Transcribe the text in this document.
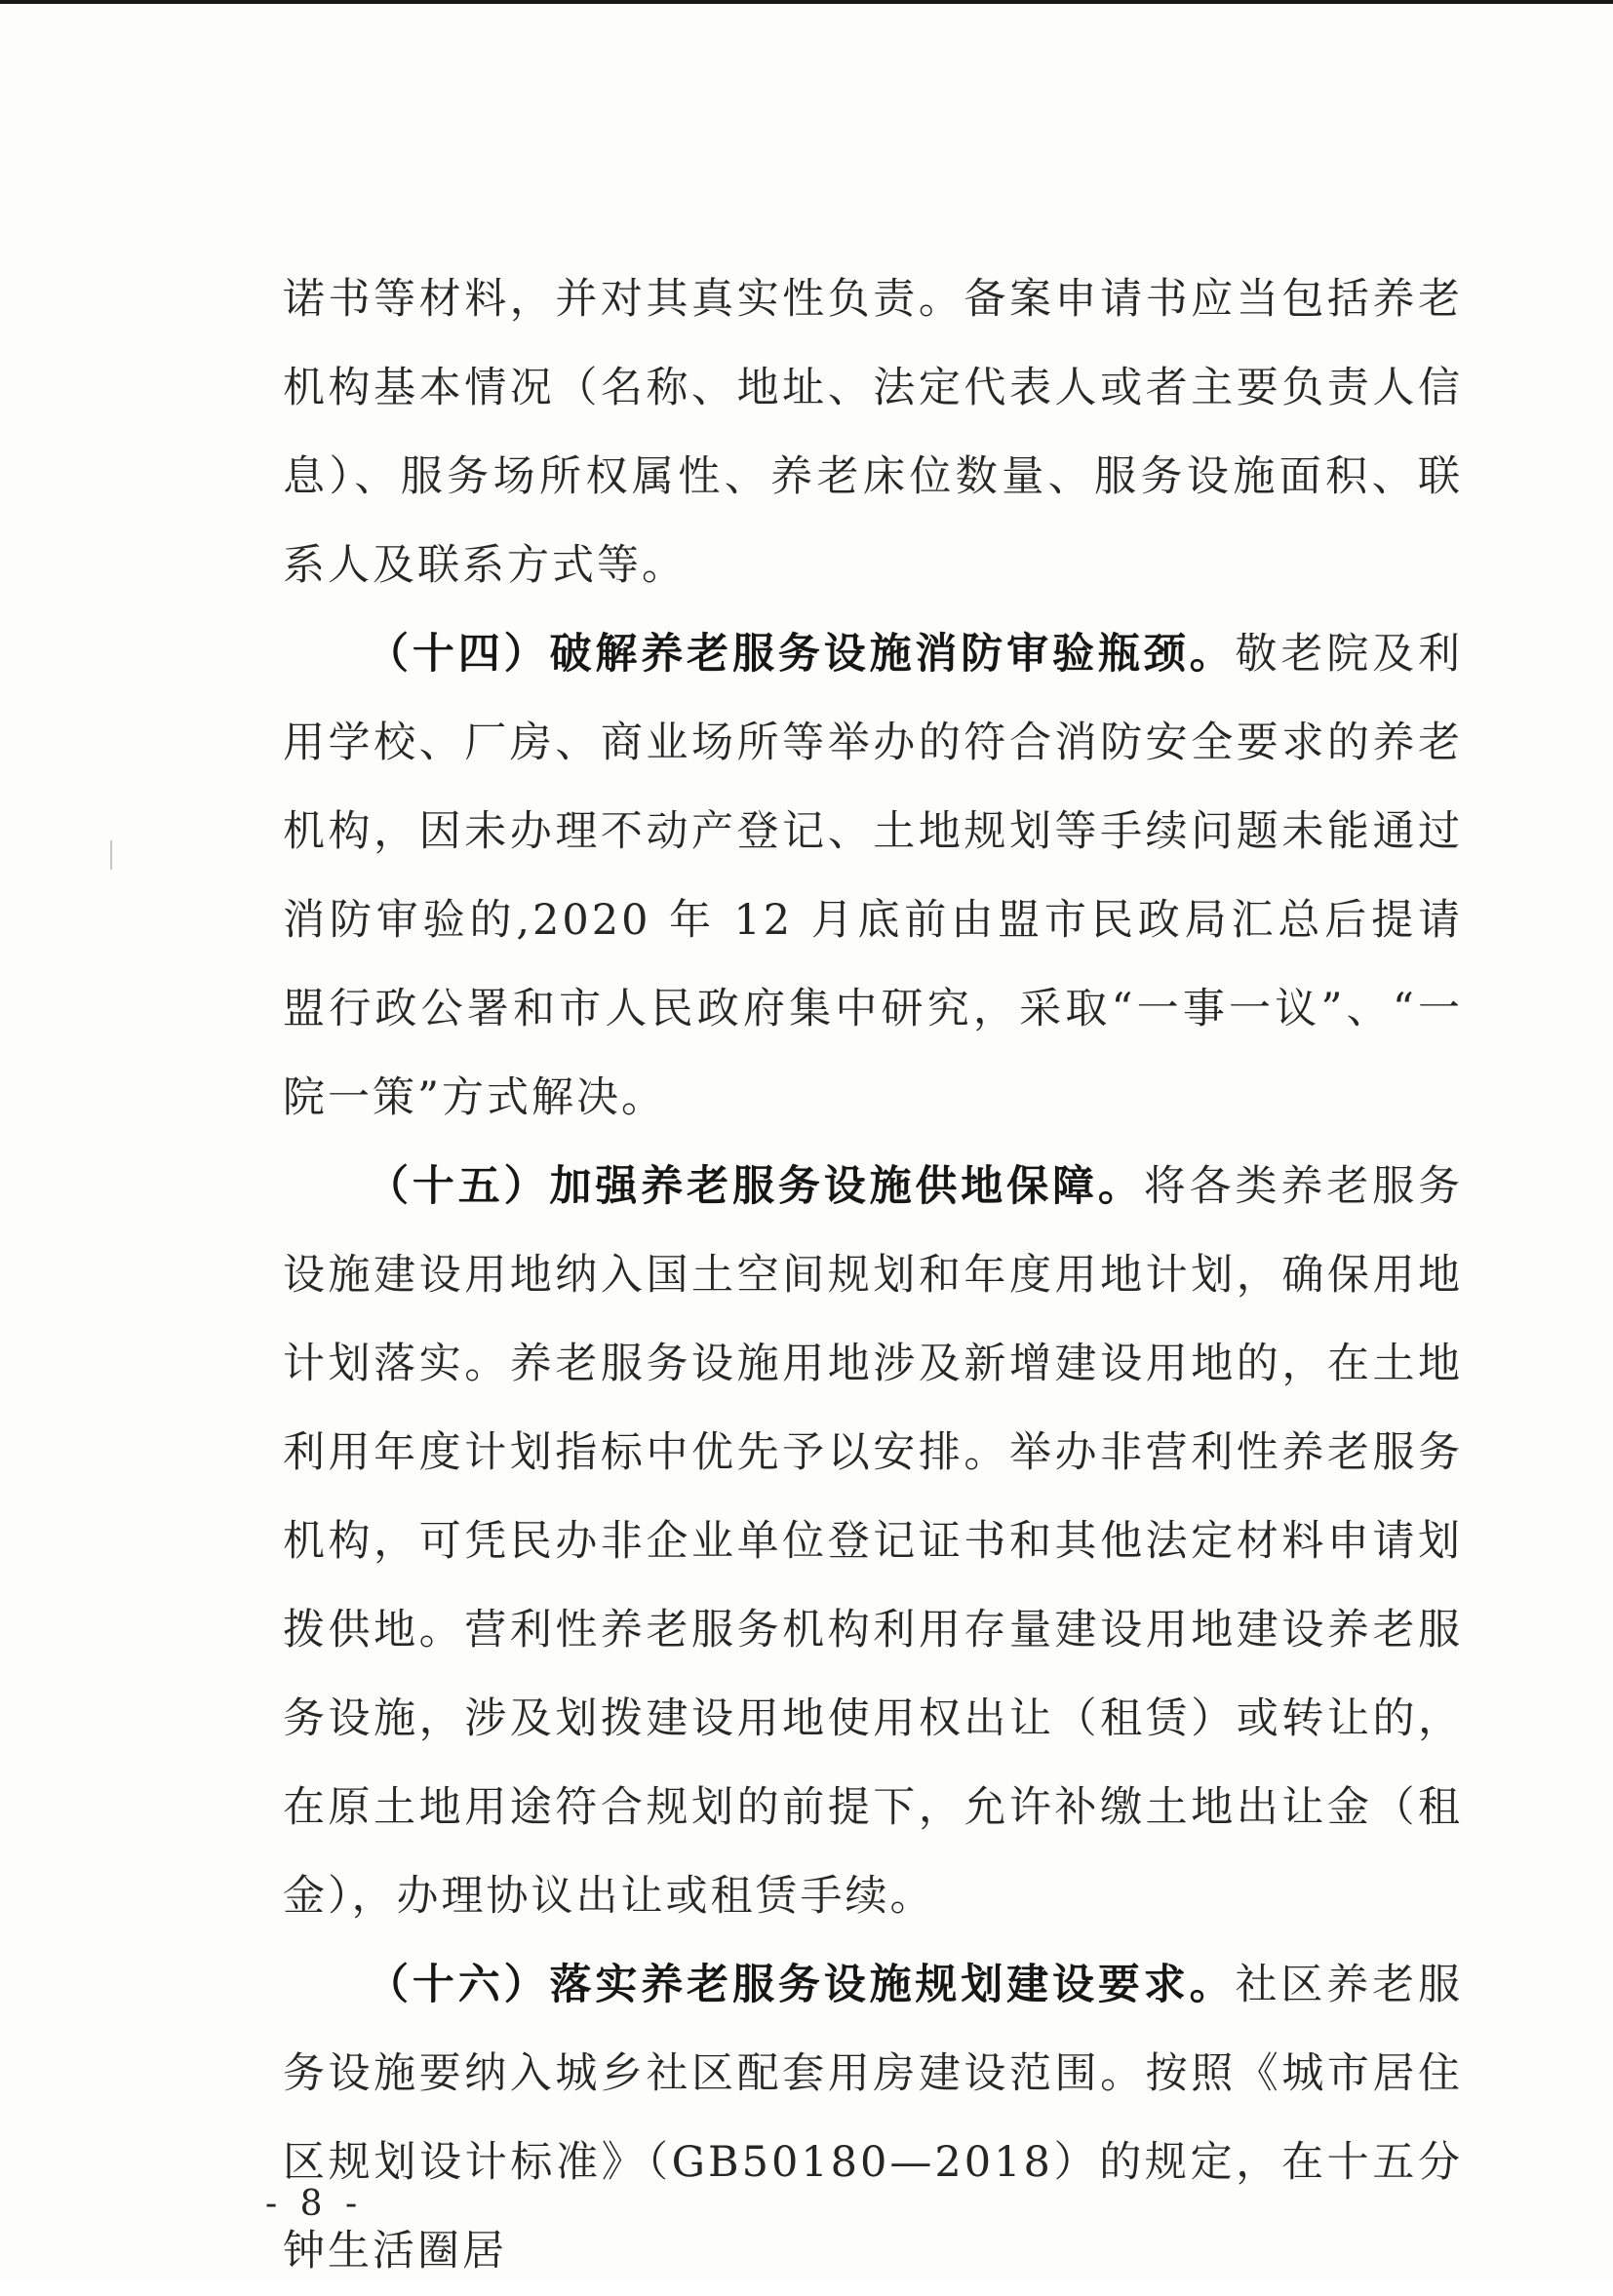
诺书等材料，并对其真实性负责。备案申请书应当包括养老机构基本情况（名称、地址、法定代表人或者主要负责人信息）、服务场所权属性、养老床位数量、服务设施面积、联系人及联系方式等。

（十四）破解养老服务设施消防审验瓶颈。敬老院及利用学校、厂房、商业场所等举办的符合消防安全要求的养老机构，因未办理不动产登记、土地规划等手续问题未能通过消防审验的,2020 年 12 月底前由盟市民政局汇总后提请盟行政公署和市人民政府集中研究，采取“一事一议”、“一院一策”方式解决。

（十五）加强养老服务设施供地保障。将各类养老服务设施建设用地纳入国土空间规划和年度用地计划，确保用地计划落实。养老服务设施用地涉及新增建设用地的，在土地利用年度计划指标中优先予以安排。举办非营利性养老服务机构，可凭民办非企业单位登记证书和其他法定材料申请划拨供地。营利性养老服务机构利用存量建设用地建设养老服务设施，涉及划拨建设用地使用权出让（租赁）或转让的，在原土地用途符合规划的前提下，允许补缴土地出让金（租金），办理协议出让或租赁手续。

（十六）落实养老服务设施规划建设要求。社区养老服务设施要纳入城乡社区配套用房建设范围。按照《城市居住区规划设计标准》（GB50180—2018）的规定，在十五分钟生活圈居

- 8 -
